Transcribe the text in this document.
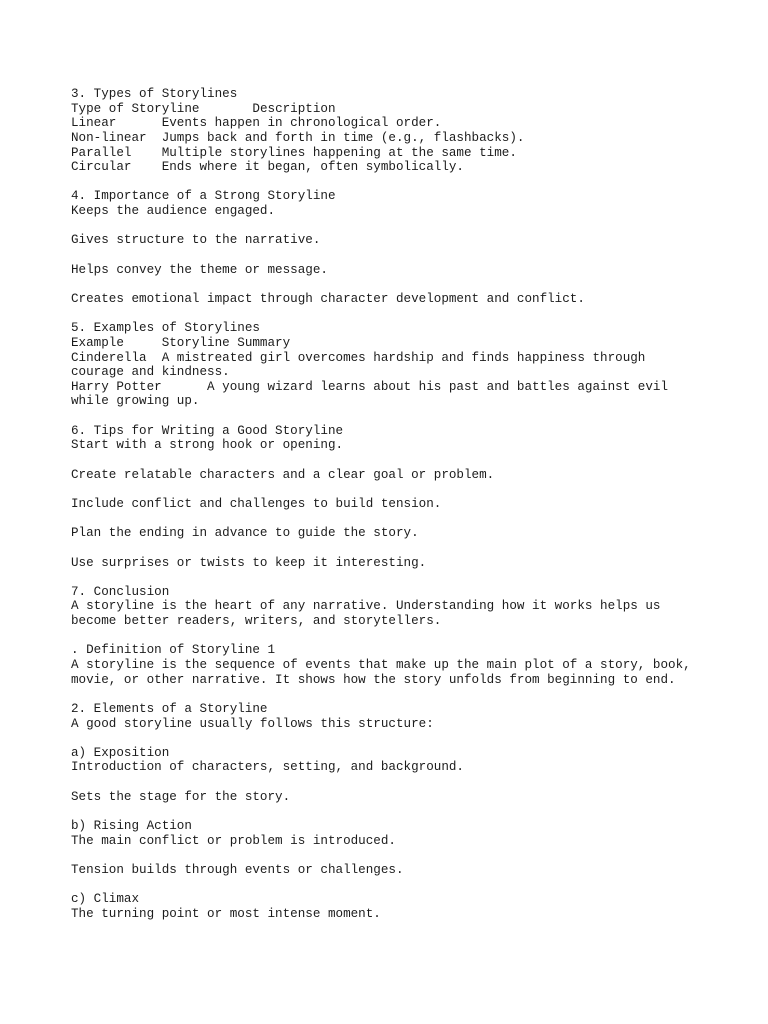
3. Types of Storylines
Type of Storyline	Description
Linear      Events happen in chronological order.
Non-linear  Jumps back and forth in time (e.g., flashbacks).
Parallel    Multiple storylines happening at the same time.
Circular    Ends where it began, often symbolically.
4. Importance of a Strong Storyline
Keeps the audience engaged.
Gives structure to the narrative.
Helps convey the theme or message.
Creates emotional impact through character development and conflict.
5. Examples of Storylines
Example     Storyline Summary
Cinderella  A mistreated girl overcomes hardship and finds happiness through
courage and kindness.
Harry Potter      A young wizard learns about his past and battles against evil
while growing up.
6. Tips for Writing a Good Storyline
Start with a strong hook or opening.
Create relatable characters and a clear goal or problem.
Include conflict and challenges to build tension.
Plan the ending in advance to guide the story.
Use surprises or twists to keep it interesting.
7. Conclusion
A storyline is the heart of any narrative. Understanding how it works helps us
become better readers, writers, and storytellers.
. Definition of Storyline 1
A storyline is the sequence of events that make up the main plot of a story, book,
movie, or other narrative. It shows how the story unfolds from beginning to end.
2. Elements of a Storyline
A good storyline usually follows this structure:
a) Exposition
Introduction of characters, setting, and background.
Sets the stage for the story.
b) Rising Action
The main conflict or problem is introduced.
Tension builds through events or challenges.
c) Climax
The turning point or most intense moment.
